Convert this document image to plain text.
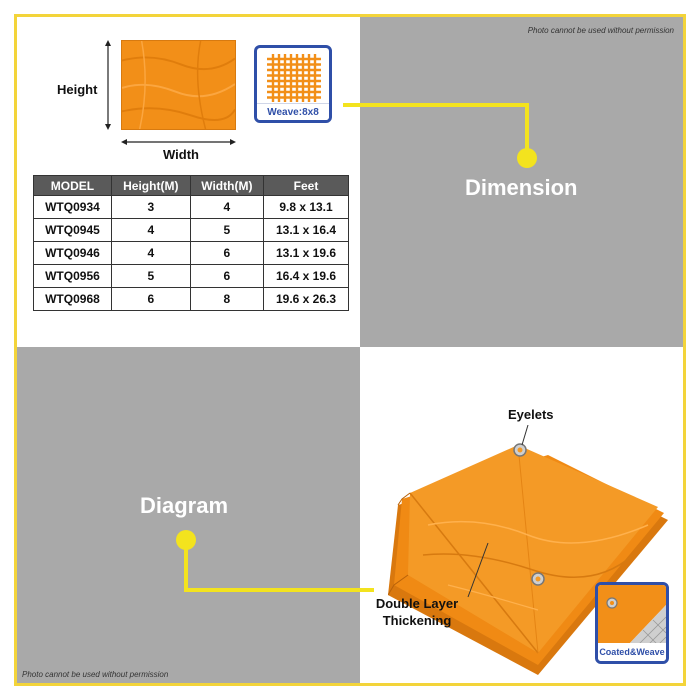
Photo cannot be used without permission
Photo cannot be used without permission
Height
Width
Weave:8x8
MODEL	Height(M)	Width(M)	Feet
WTQ0934	3	4	9.8 x 13.1
WTQ0945	4	5	13.1 x 16.4
WTQ0946	4	6	13.1 x 19.6
WTQ0956	5	6	16.4 x 19.6
WTQ0968	6	8	19.6 x 26.3
Dimension
Diagram
Eyelets
Double Layer Thickening
Coated&Weave
